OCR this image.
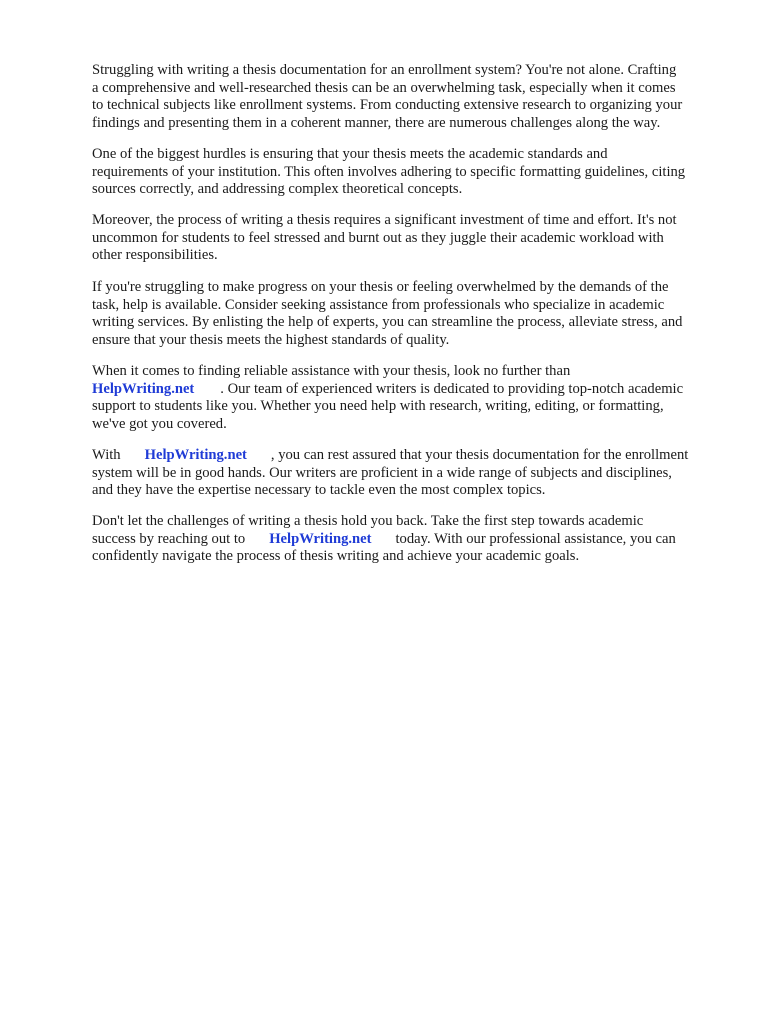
Struggling with writing a thesis documentation for an enrollment system? You're not alone. Crafting
a comprehensive and well-researched thesis can be an overwhelming task, especially when it comes
to technical subjects like enrollment systems. From conducting extensive research to organizing your
findings and presenting them in a coherent manner, there are numerous challenges along the way.

One of the biggest hurdles is ensuring that your thesis meets the academic standards and
requirements of your institution. This often involves adhering to specific formatting guidelines, citing
sources correctly, and addressing complex theoretical concepts.

Moreover, the process of writing a thesis requires a significant investment of time and effort. It's not
uncommon for students to feel stressed and burnt out as they juggle their academic workload with
other responsibilities.

If you're struggling to make progress on your thesis or feeling overwhelmed by the demands of the
task, help is available. Consider seeking assistance from professionals who specialize in academic
writing services. By enlisting the help of experts, you can streamline the process, alleviate stress, and
ensure that your thesis meets the highest standards of quality.

When it comes to finding reliable assistance with your thesis, look no further than
HelpWriting.net . Our team of experienced writers is dedicated to providing top-notch academic
support to students like you. Whether you need help with research, writing, editing, or formatting,
we've got you covered.

With HelpWriting.net , you can rest assured that your thesis documentation for the enrollment
system will be in good hands. Our writers are proficient in a wide range of subjects and disciplines,
and they have the expertise necessary to tackle even the most complex topics.

Don't let the challenges of writing a thesis hold you back. Take the first step towards academic
success by reaching out to HelpWriting.net today. With our professional assistance, you can
confidently navigate the process of thesis writing and achieve your academic goals.
